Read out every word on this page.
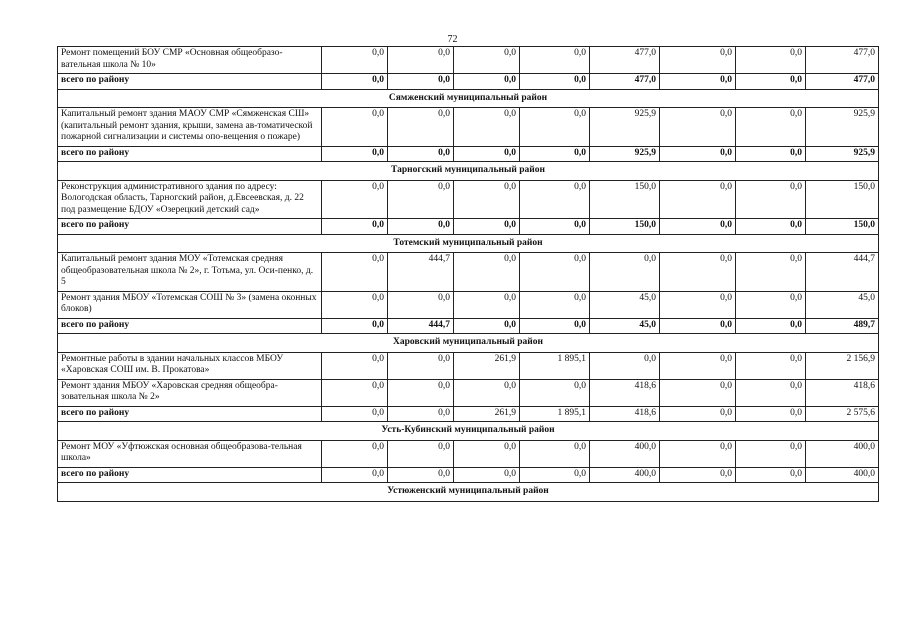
72
Ремонт помещений БОУ СМР «Основная общеобразо-вательная школа № 10»	0,0	0,0	0,0	0,0	477,0	0,0	0,0	477,0
всего по району	0,0	0,0	0,0	0,0	477,0	0,0	0,0	477,0
Сямженский муниципальный район								
Капитальный ремонт здания МАОУ СМР «Сямженская СШ» (капитальный ремонт здания, крыши, замена ав-томатической пожарной сигнализации и системы опо-вещения о пожаре)	0,0	0,0	0,0	0,0	925,9	0,0	0,0	925,9
всего по району	0,0	0,0	0,0	0,0	925,9	0,0	0,0	925,9
Тарногский муниципальный район								
Реконструкция административного здания по адресу: Вологодская область, Тарногский район, д.Евсеевская, д. 22 под размещение БДОУ «Озерецкий детский сад»	0,0	0,0	0,0	0,0	150,0	0,0	0,0	150,0
всего по району	0,0	0,0	0,0	0,0	150,0	0,0	0,0	150,0
Тотемский муниципальный район								
Капитальный ремонт здания МОУ «Тотемская средняя общеобразовательная школа № 2», г. Тотьма, ул. Оси-пенко, д. 5	0,0	444,7	0,0	0,0	0,0	0,0	0,0	444,7
Ремонт здания МБОУ «Тотемская СОШ № 3» (замена оконных блоков)	0,0	0,0	0,0	0,0	45,0	0,0	0,0	45,0
всего по району	0,0	444,7	0,0	0,0	45,0	0,0	0,0	489,7
Харовский муниципальный район								
Ремонтные работы в здании начальных классов МБОУ «Харовская СОШ им. В. Прокатова»	0,0	0,0	261,9	1 895,1	0,0	0,0	0,0	2 156,9
Ремонт здания МБОУ «Харовская средняя общеобра-зовательная школа № 2»	0,0	0,0	0,0	0,0	418,6	0,0	0,0	418,6
всего по району	0,0	0,0	261,9	1 895,1	418,6	0,0	0,0	2 575,6
Усть-Кубинский муниципальный район								
Ремонт МОУ «Уфтюжская основная общеобразова-тельная школа»	0,0	0,0	0,0	0,0	400,0	0,0	0,0	400,0
всего по району	0,0	0,0	0,0	0,0	400,0	0,0	0,0	400,0
Устюженский муниципальный район								
